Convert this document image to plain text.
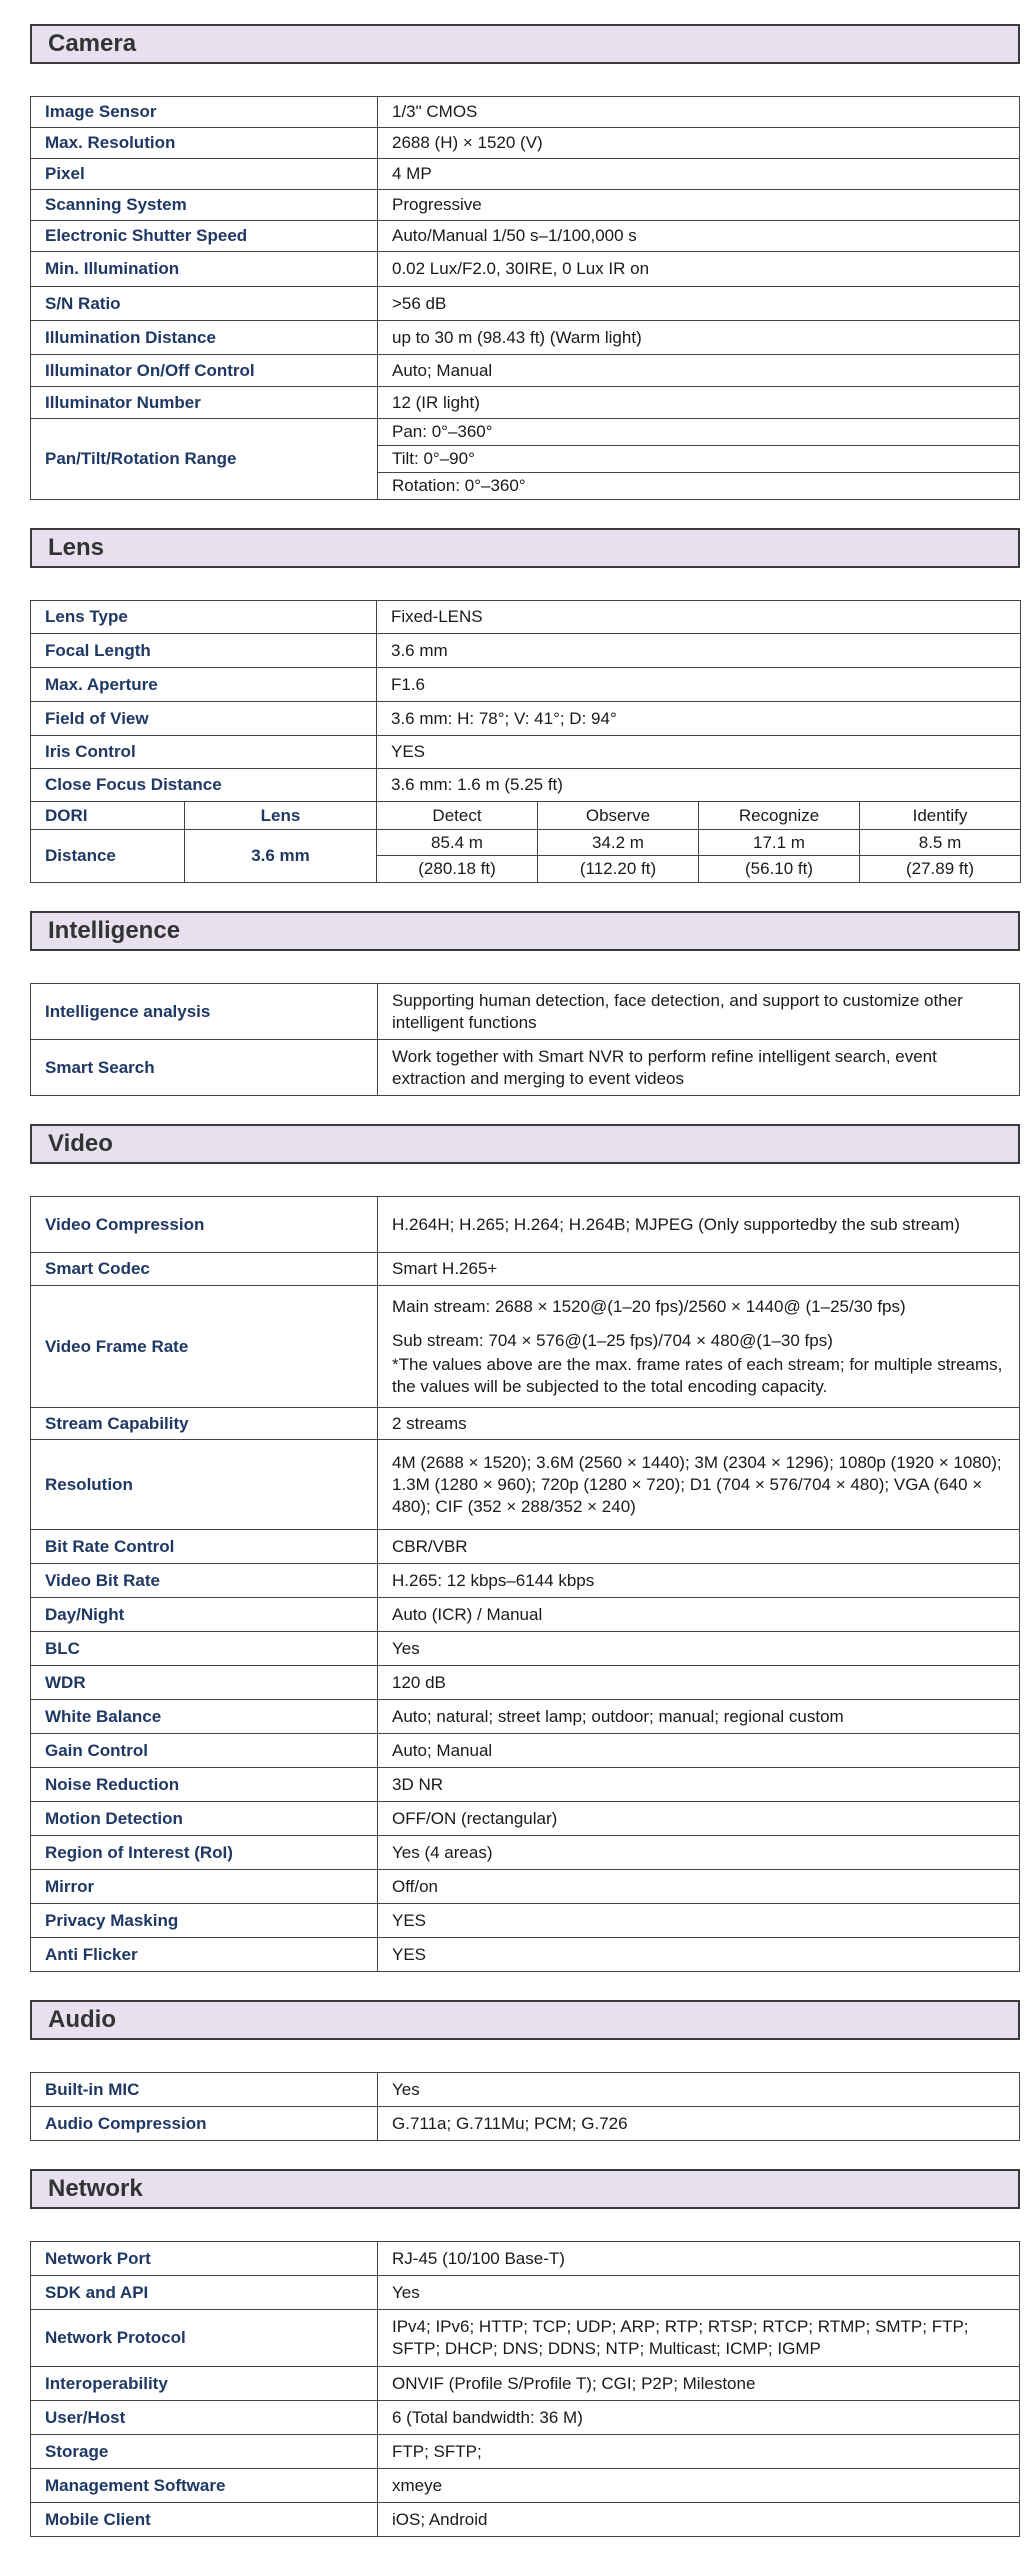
Camera
Image Sensor	1/3" CMOS
Max. Resolution	2688 (H) × 1520 (V)
Pixel	4 MP
Scanning System	Progressive
Electronic Shutter Speed	Auto/Manual 1/50 s–1/100,000 s
Min. Illumination	0.02 Lux/F2.0, 30IRE, 0 Lux IR on
S/N Ratio	>56 dB
Illumination Distance	up to 30 m (98.43 ft) (Warm light)
Illuminator On/Off Control	Auto; Manual
Illuminator Number	12 (IR light)
Pan/Tilt/Rotation Range	Pan: 0°–360°
	Tilt: 0°–90°
	Rotation: 0°–360°
Lens
Lens Type		Fixed-LENS			
Focal Length		3.6 mm			
Max. Aperture		F1.6			
Field of View		3.6 mm: H: 78°; V: 41°; D: 94°			
Iris Control		YES			
Close Focus Distance		3.6 mm: 1.6 m (5.25 ft)			
DORI	Lens	Detect	Observe	Recognize	Identify
Distance	3.6 mm	85.4 m	34.2 m	17.1 m	8.5 m
		(280.18 ft)	(112.20 ft)	(56.10 ft)	(27.89 ft)
Intelligence
Intelligence analysis	Supporting human detection, face detection, and support to customize other intelligent functions
Smart Search	Work together with Smart NVR to perform refine intelligent search, event extraction and merging to event videos
Video
Video Compression	H.264H; H.265; H.264; H.264B; MJPEG (Only supportedby the sub stream)
Smart Codec	Smart H.265+
Video Frame Rate	Main stream: 2688 × 1520@(1–20 fps)/2560 × 1440@ (1–25/30 fps)
Sub stream: 704 × 576@(1–25 fps)/704 × 480@(1–30 fps)
*The values above are the max. frame rates of each stream; for multiple streams, the values will be subjected to the total encoding capacity.

Stream Capability	2 streams
Resolution	4M (2688 × 1520); 3.6M (2560 × 1440); 3M (2304 × 1296); 1080p (1920 × 1080); 1.3M (1280 × 960); 720p (1280 × 720); D1 (704 × 576/704 × 480); VGA (640 × 480); CIF (352 × 288/352 × 240)
Bit Rate Control	CBR/VBR
Video Bit Rate	H.265: 12 kbps–6144 kbps
Day/Night	Auto (ICR) / Manual
BLC	Yes
WDR	120 dB
White Balance	Auto; natural; street lamp; outdoor; manual; regional custom
Gain Control	Auto; Manual
Noise Reduction	3D NR
Motion Detection	OFF/ON (rectangular)
Region of Interest (RoI)	Yes (4 areas)
Mirror	Off/on
Privacy Masking	YES
Anti Flicker	YES
Audio
Built-in MIC	Yes
Audio Compression	G.711a; G.711Mu; PCM; G.726
Network
Network Port	RJ-45 (10/100 Base-T)
SDK and API	Yes
Network Protocol	IPv4; IPv6; HTTP; TCP; UDP; ARP; RTP; RTSP; RTCP; RTMP; SMTP; FTP; SFTP; DHCP; DNS; DDNS; NTP; Multicast; ICMP; IGMP
Interoperability	ONVIF (Profile S/Profile T); CGI; P2P; Milestone
User/Host	6 (Total bandwidth: 36 M)
Storage	FTP; SFTP;
Management Software	xmeye
Mobile Client	iOS; Android
